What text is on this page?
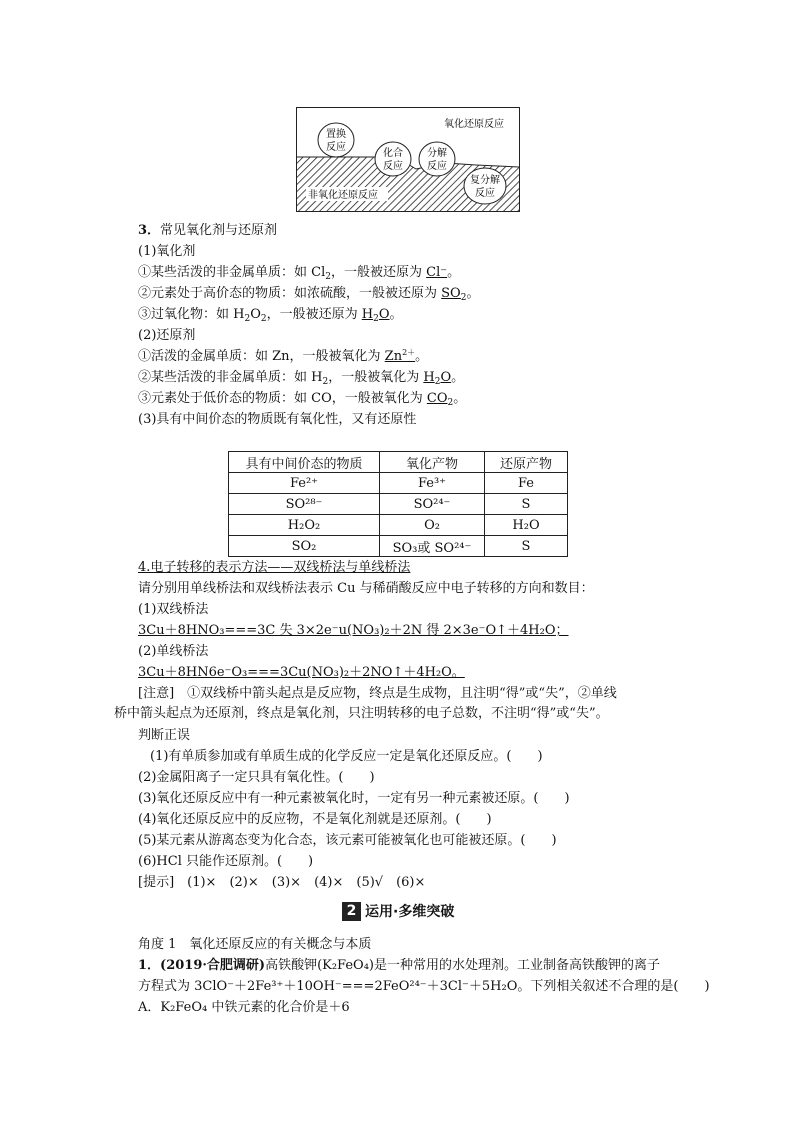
氧化还原反应
非氧化还原反应
置换
反应
化合
反应
分解
反应
复分解
反应
3．常见氧化剂与还原剂
(1)氧化剂
①某些活泼的非金属单质：如 $Cl_2$，一般被还原为 Cl⁻。
②元素处于高价态的物质：如浓硫酸，一般被还原为 $SO_2$。
③过氧化物：如 $H_2O_2$，一般被还原为 $H_2O$。
(2)还原剂
①活泼的金属单质：如 Zn，一般被氧化为 $Zn^{2+}$。
②某些活泼的非金属单质：如 $H_2$，一般被氧化为 $H_2O$。
③元素处于低价态的物质：如 CO，一般被氧化为 $CO_2$。
(3)具有中间价态的物质既有氧化性，又有还原性
具有中间价态的物质	氧化产物	还原产物
Fe²⁺	Fe³⁺	Fe
SO²⁸⁻	SO²⁴⁻	S
H₂O₂	O₂	H₂O
SO₂	SO₃或 SO²⁴⁻	S
4.电子转移的表示方法——双线桥法与单线桥法
请分别用单线桥法和双线桥法表示 Cu 与稀硝酸反应中电子转移的方向和数目：
(1)双线桥法
3Cu＋8HNO₃===3C 失 3×2e⁻u(NO₃)₂＋2N 得 2×3e⁻O↑＋4H₂O；
(2)单线桥法
3Cu＋8HN6e⁻O₃===3Cu(NO₃)₂＋2NO↑＋4H₂O。
[注意]　①双线桥中箭头起点是反应物，终点是生成物，且注明“得”或“失”，②单线
桥中箭头起点为还原剂，终点是氧化剂，只注明转移的电子总数，不注明“得”或“失”。
判断正误
(1)有单质参加或有单质生成的化学反应一定是氧化还原反应。(　　)
(2)金属阳离子一定只具有氧化性。(　　)
(3)氧化还原反应中有一种元素被氧化时，一定有另一种元素被还原。(　　)
(4)氧化还原反应中的反应物，不是氧化剂就是还原剂。(　　)
(5)某元素从游离态变为化合态，该元素可能被氧化也可能被还原。(　　)
(6)HCl 只能作还原剂。(　　)
[提示]　(1)×　(2)×　(3)×　(4)×　(5)√　(6)×
2 运用·多维突破
角度 1　氧化还原反应的有关概念与本质
1．(2019·合肥调研)高铁酸钾(K₂FeO₄)是一种常用的水处理剂。工业制备高铁酸钾的离子
方程式为 3ClO⁻＋2Fe³⁺＋10OH⁻===2FeO²⁴⁻＋3Cl⁻＋5H₂O。下列相关叙述不合理的是(　　)
A．K₂FeO₄ 中铁元素的化合价是＋6
